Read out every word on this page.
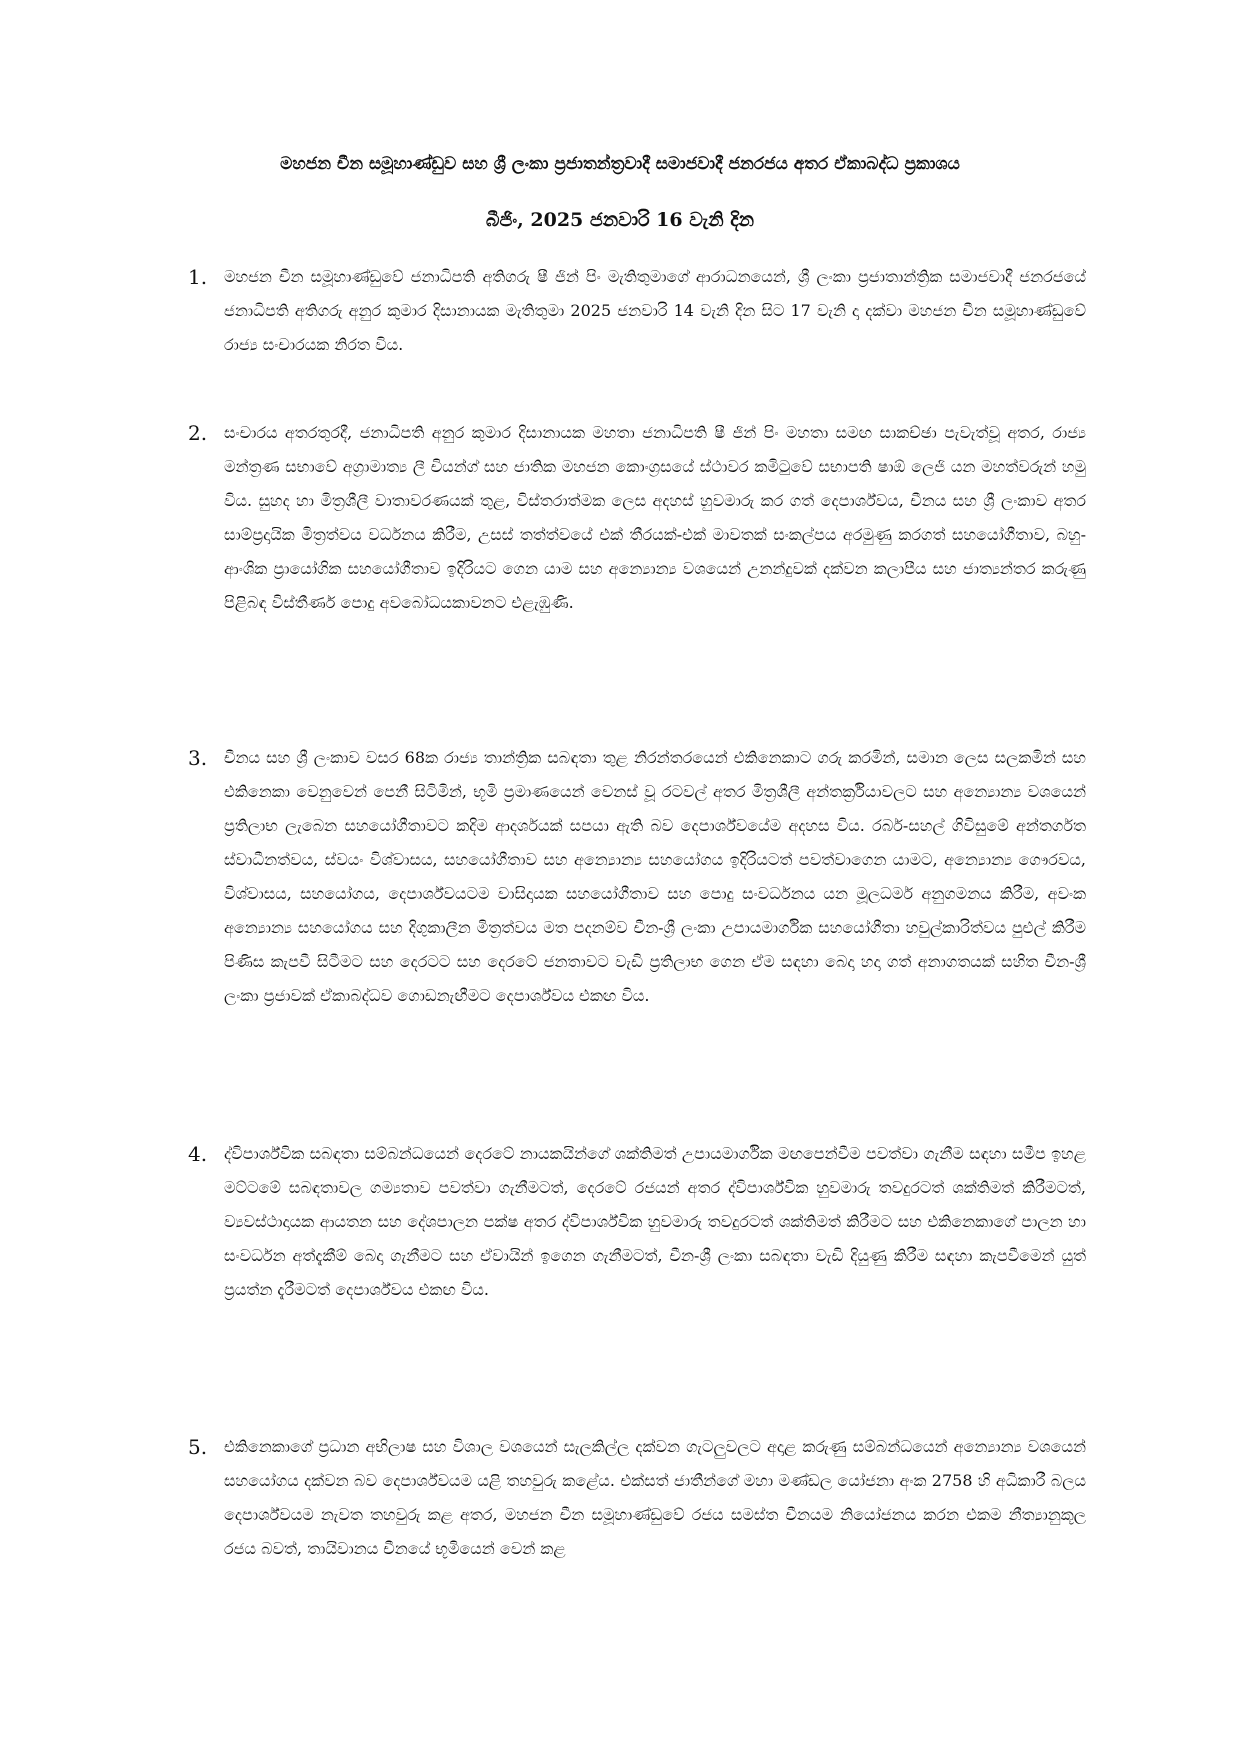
මහජන චීන සමූහාණ්ඩුව සහ ශ්‍රී ලංකා ප්‍රජාතන්ත්‍රවාදී සමාජවාදී ජනරජය අතර ඒකාබද්ධ ප්‍රකාශය
බීජිං, 2025 ජනවාරි 16 වැනි දින
1. මහජන චීන සමූහාණ්ඩුවේ ජනාධිපති අතිගරු ෂී ජින් පිං මැතිතුමාගේ ආරාධනයෙන්, ශ්‍රී ලංකා ප්‍රජාතාන්ත්‍රික සමාජවාදී ජනරජයේ ජනාධිපති අතිගරු අනුර කුමාර දිසානායක මැතිතුමා 2025 ජනවාරි 14 වැනි දින සිට 17 වැනි දා දක්වා මහජන චීන සමූහාණ්ඩුවේ රාජ්‍ය සංචාරයක නිරත විය.
2. සංචාරය අතරතුරදී, ජනාධිපති අනුර කුමාර දිසානායක මහතා ජනාධිපති ෂී ජින් පිං මහතා සමඟ සාකච්ඡා පැවැත්වූ අතර, රාජ්‍ය මන්ත්‍රණ සභාවේ අග්‍රාමාත්‍ය ලී චියන්ග් සහ ජාතික මහජන කොංග්‍රසයේ ස්ථාවර කමිටුවේ සභාපති ෂාඕ ලෙජි යන මහත්වරුන් හමු විය. සුහද හා මිත්‍රශීලී වාතාවරණයක් තුළ, විස්තරාත්මක ලෙස අදහස් හුවමාරු කර ගත් දෙපාර්ශ්වය, චීනය සහ ශ්‍රී ලංකාව අතර සාම්ප්‍රදායික මිත්‍රත්වය වර්ධනය කිරීම, උසස් තත්ත්වයේ එක් තීරයක්-එක් මාවතක් සංකල්පය අරමුණු කරගත් සහයෝගීතාව, බහු-ආංශික ප්‍රායෝගික සහයෝගීතාව ඉදිරියට ගෙන යාම සහ අන්‍යොන්‍ය වශයෙන් උනන්දුවක් දක්වන කලාපීය සහ ජාත්‍යන්තර කරුණු පිළිබඳ විස්තීර්ණ පොදු අවබෝධයකාවනට එළැඹුණි.
3. චීනය සහ ශ්‍රී ලංකාව වසර 68ක රාජ්‍ය තාන්ත්‍රික සබඳතා තුළ නිරන්තරයෙන් එකිනෙකාට ගරු කරමින්, සමාන ලෙස සලකමින් සහ එකිනෙකා වෙනුවෙන් පෙනී සිටිමින්, භූමි ප්‍රමාණයෙන් වෙනස් වූ රටවල් අතර මිත්‍රශීලී අන්තර්ක්‍රියාවලට සහ අන්‍යොන්‍ය වශයෙන් ප්‍රතිලාභ ලැබෙන සහයෝගීතාවට කදිම ආදර්ශයක් සපයා ඇති බව දෙපාර්ශ්වයේම අදහස විය. රබර්-සහල් ගිවිසුමේ අන්තර්ගත ස්වාධීනත්වය, ස්වයං විශ්වාසය, සහයෝගීතාව සහ අන්‍යොන්‍ය සහයෝගය ඉදිරියටත් පවත්වාගෙන යාමට, අන්‍යොන්‍ය ගෞරවය, විශ්වාසය, සහයෝගය, දෙපාර්ශ්වයටම වාසිදායක සහයෝගීතාව සහ පොදු සංවර්ධනය යන මූලධර්ම අනුගමනය කිරීම, අවංක අන්‍යොන්‍ය සහයෝගය සහ දිගුකාලීන මිත්‍රත්වය මත පදනම්ව චීන-ශ්‍රී ලංකා උපායමාර්ගික සහයෝගීතා හවුල්කාරිත්වය පුළුල් කිරීම පිණිස කැපවී සිටීමට සහ දෙරටට සහ දෙරටේ ජනතාවට වැඩි ප්‍රතිලාභ ගෙන ඒම සඳහා බෙදා හදා ගත් අනාගතයක් සහිත චීන-ශ්‍රී ලංකා ප්‍රජාවක් ඒකාබද්ධව ගොඩනැඟීමට දෙපාර්ශ්වය එකඟ විය.
4. ද්විපාර්ශ්වික සබඳතා සම්බන්ධයෙන් දෙරටේ නායකයින්ගේ ශක්තිමත් උපායමාර්ගික මඟපෙන්වීම පවත්වා ගැනීම සඳහා සමීප ඉහළ මට්ටමේ සබඳතාවල ගම්‍යතාව පවත්වා ගැනීමටත්, දෙරටේ රජයන් අතර ද්විපාර්ශ්වික හුවමාරු තවදුරටත් ශක්තිමත් කිරීමටත්, ව්‍යවස්ථාදායක ආයතන සහ දේශපාලන පක්ෂ අතර ද්විපාර්ශ්වික හුවමාරු තවදුරටත් ශක්තිමත් කිරීමට සහ එකිනෙකාගේ පාලන හා සංවර්ධන අත්දැකීම් බෙදා ගැනීමට සහ ඒවායින් ඉගෙන ගැනීමටත්, චීන-ශ්‍රී ලංකා සබඳතා වැඩි දියුණු කිරීම සඳහා කැපවීමෙන් යුත් ප්‍රයත්න දැරීමටත් දෙපාර්ශ්වය එකඟ විය.
5. එකිනෙකාගේ ප්‍රධාන අභිලාෂ සහ විශාල වශයෙන් සැලකිල්ල දක්වන ගැටලුවලට අදාළ කරුණු සම්බන්ධයෙන් අන්‍යොන්‍ය වශයෙන් සහයෝගය දක්වන බව දෙපාර්ශ්වයම යළි තහවුරු කළේය. එක්සත් ජාතීන්ගේ මහා මණ්ඩල යෝජනා අංක 2758 හි අධිකාරී බලය දෙපාර්ශ්වයම නැවත තහවුරු කළ අතර, මහජන චීන සමූහාණ්ඩුවේ රජය සමස්ත චීනයම නියෝජනය කරන එකම නීත්‍යානුකූල රජය බවත්, තායිවානය චීනයේ භූමියෙන් වෙන් කළ
